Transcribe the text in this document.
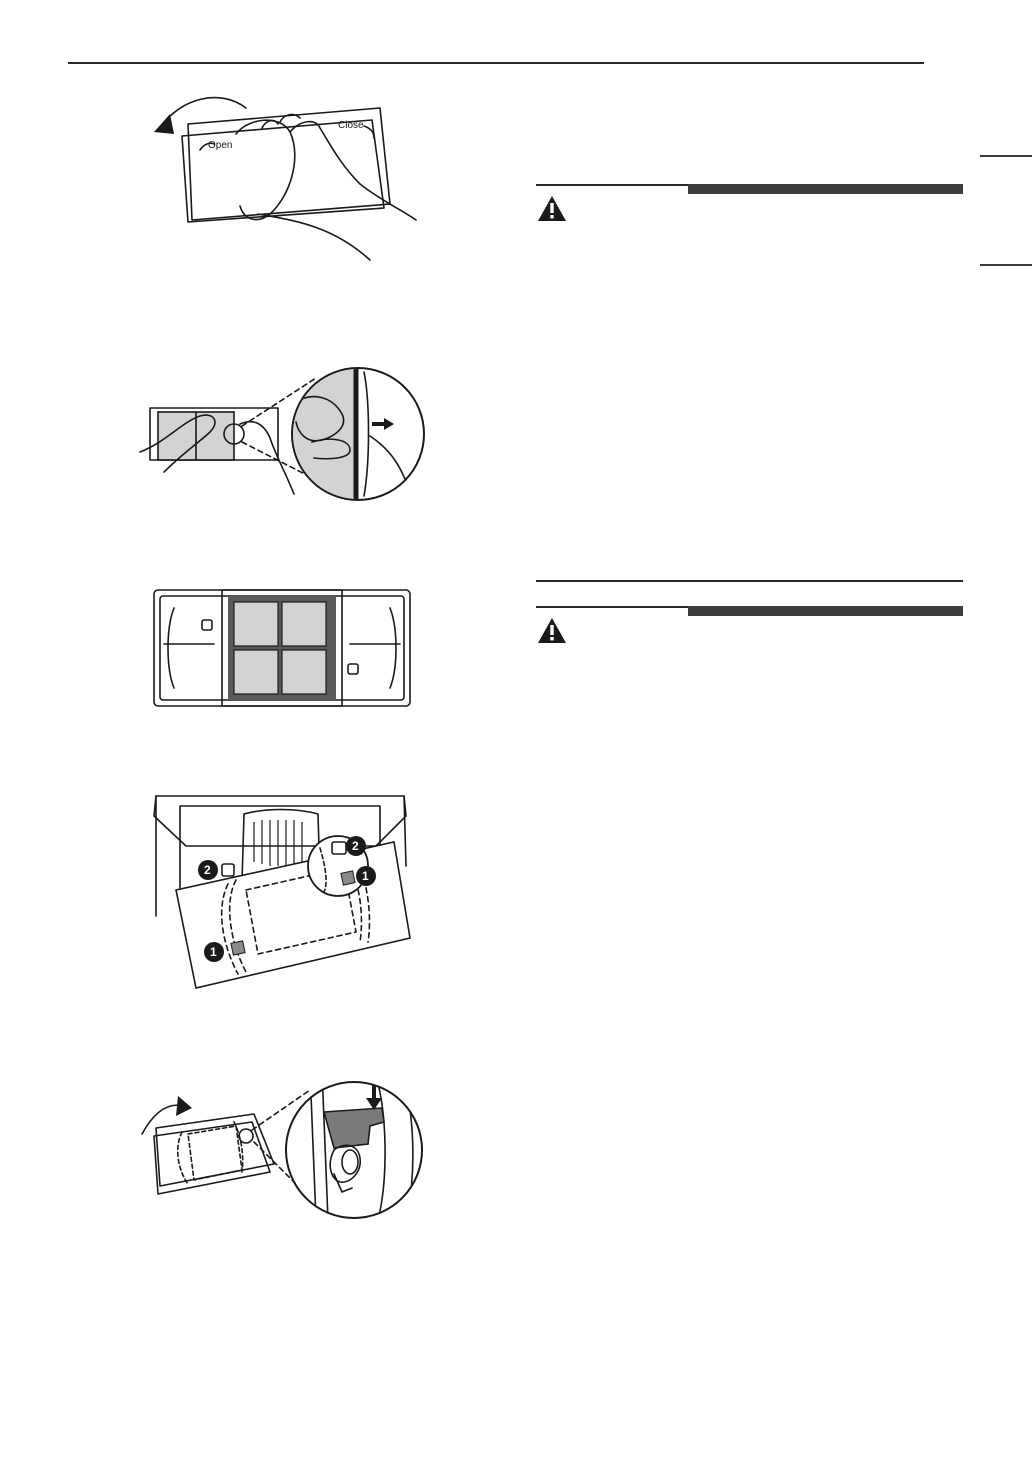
Open
Close
2
1
2
1
